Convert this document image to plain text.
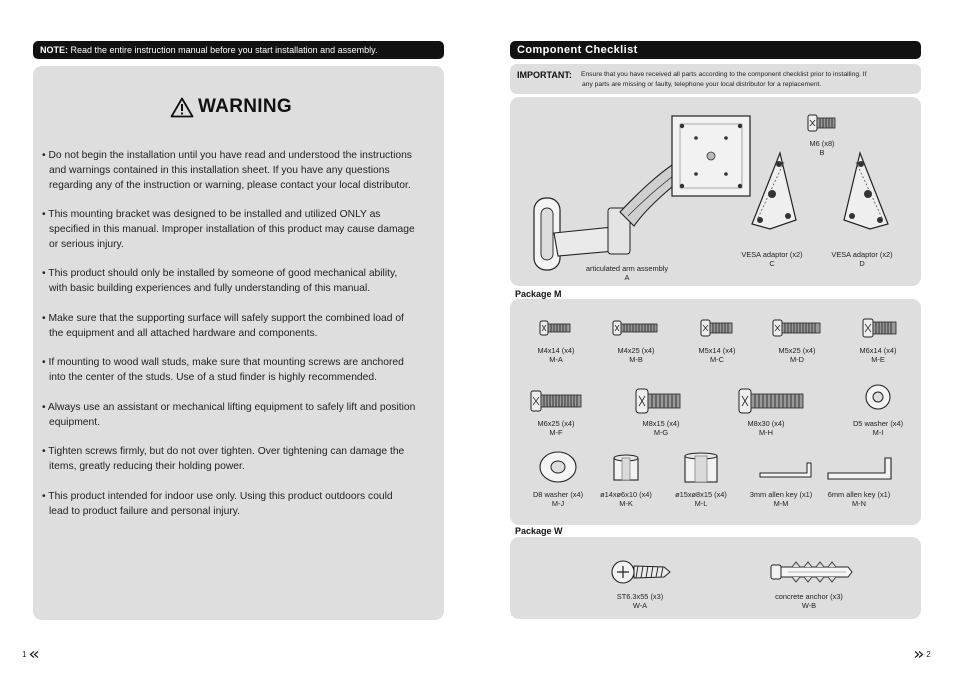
NOTE: Read the entire instruction manual before you start installation and assembly.
WARNING
• Do not begin the installation until you have read and understood the instructions
and warnings contained in this installation sheet. If you have any questions
regarding any of the instruction or warning, please contact your local distributor.
• This mounting bracket was designed to be installed and utilized ONLY as
specified in this manual. Improper installation of this product may cause damage
or serious injury.
• This product should only be installed by someone of good mechanical ability,
with basic building experiences and fully understanding of this manual.
• Make sure that the supporting surface will safely support the combined load of
the equipment and all attached hardware and components.
• If mounting to wood wall studs, make sure that mounting screws are anchored
into the center of the studs. Use of a stud finder is highly recommended.
• Always use an assistant or mechanical lifting equipment to safely lift and position
equipment.
• Tighten screws firmly, but do not over tighten. Over tightening can damage the
items, greatly reducing their holding power.
• This product intended for indoor use only. Using this product outdoors could
lead to product failure and personal injury.
1
Component Checklist
IMPORTANT: Ensure that you have received all parts according to the component checklist prior to installing. If
any parts are missing or faulty, telephone your local distributor for a replacement.
articulated arm assembly
A
M6 (x8)
B
VESA adaptor (x2)
C
VESA adaptor (x2)
D
Package M
M4x14 (x4)
M-A
M4x25 (x4)
M-B
M5x14 (x4)
M-C
M5x25 (x4)
M-D
M6x14 (x4)
M-E
M6x25 (x4)
M-F
M8x15 (x4)
M-G
M8x30 (x4)
M-H
D5 washer (x4)
M-I
D8 washer (x4)
M-J
ø14xø6x10 (x4)
M-K
ø15xø8x15 (x4)
M-L
3mm allen key (x1)
M-M
6mm allen key (x1)
M-N
Package W
ST6.3x55 (x3)
W-A
concrete anchor (x3)
W-B
2
